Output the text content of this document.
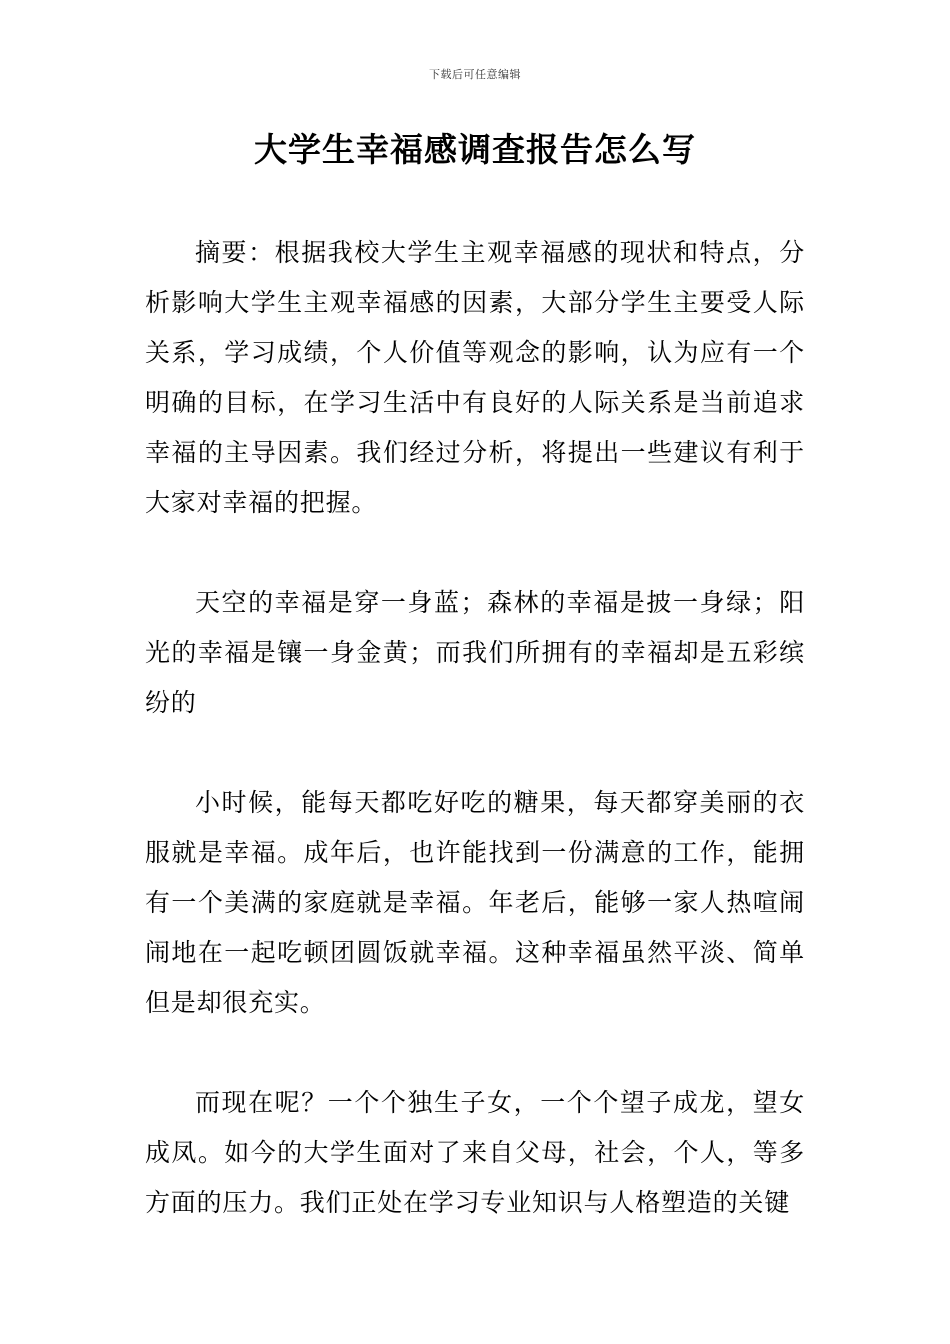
下载后可任意编辑
大学生幸福感调查报告怎么写

摘要：根据我校大学生主观幸福感的现状和特点，分析影响大学生主观幸福感的因素，大部分学生主要受人际关系，学习成绩，个人价值等观念的影响，认为应有一个明确的目标，在学习生活中有良好的人际关系是当前追求幸福的主导因素。我们经过分析，将提出一些建议有利于大家对幸福的把握。

天空的幸福是穿一身蓝；森林的幸福是披一身绿；阳光的幸福是镶一身金黄；而我们所拥有的幸福却是五彩缤纷的

小时候，能每天都吃好吃的糖果，每天都穿美丽的衣服就是幸福。成年后，也许能找到一份满意的工作，能拥有一个美满的家庭就是幸福。年老后，能够一家人热喧闹闹地在一起吃顿团圆饭就幸福。这种幸福虽然平淡、简单但是却很充实。

而现在呢？一个个独生子女，一个个望子成龙，望女成凤。如今的大学生面对了来自父母，社会，个人，等多方面的压力。我们正处在学习专业知识与人格塑造的关键
